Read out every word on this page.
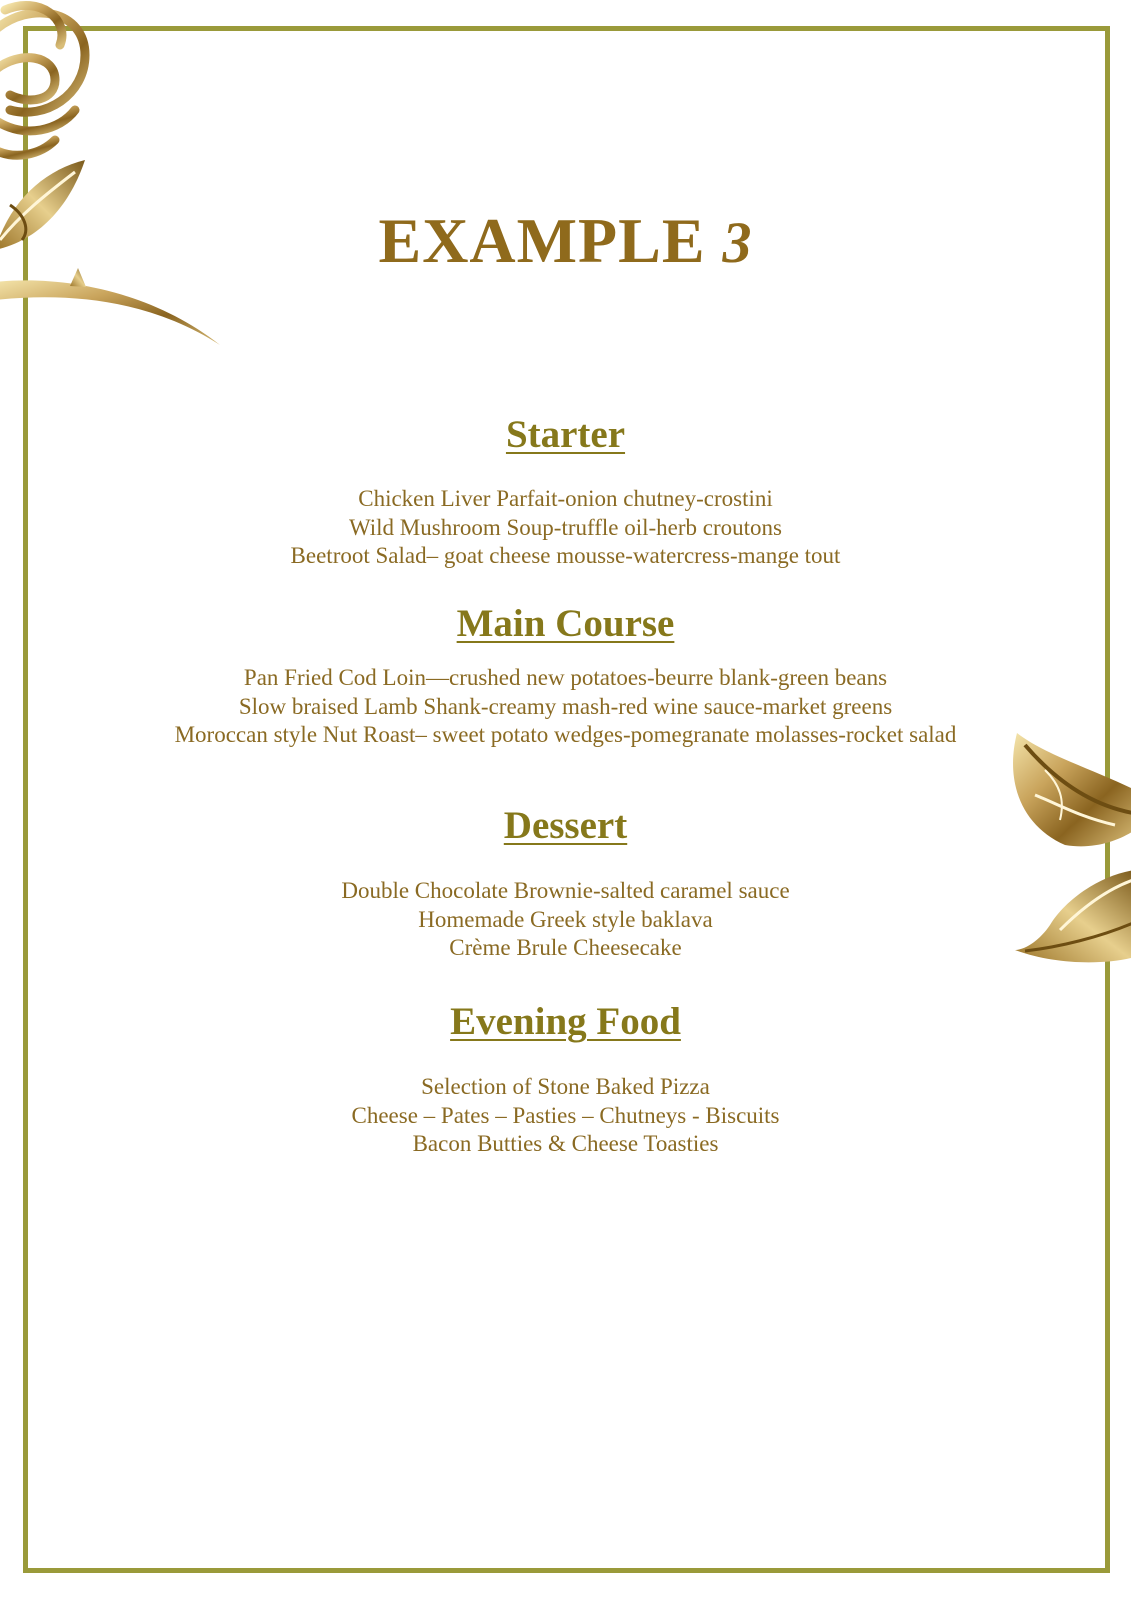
EXAMPLE 3
Starter
Chicken Liver Parfait-onion chutney-crostini
Wild Mushroom Soup-truffle oil-herb croutons
Beetroot Salad– goat cheese mousse-watercress-mange tout
Main Course
Pan Fried Cod Loin—crushed new potatoes-beurre blank-green beans
Slow braised Lamb Shank-creamy mash-red wine sauce-market greens
Moroccan style Nut Roast– sweet potato wedges-pomegranate molasses-rocket salad
Dessert
Double Chocolate Brownie-salted caramel sauce
Homemade Greek style baklava
Crème Brule Cheesecake
Evening Food
Selection of Stone Baked Pizza
Cheese – Pates – Pasties – Chutneys - Biscuits
Bacon Butties & Cheese Toasties
